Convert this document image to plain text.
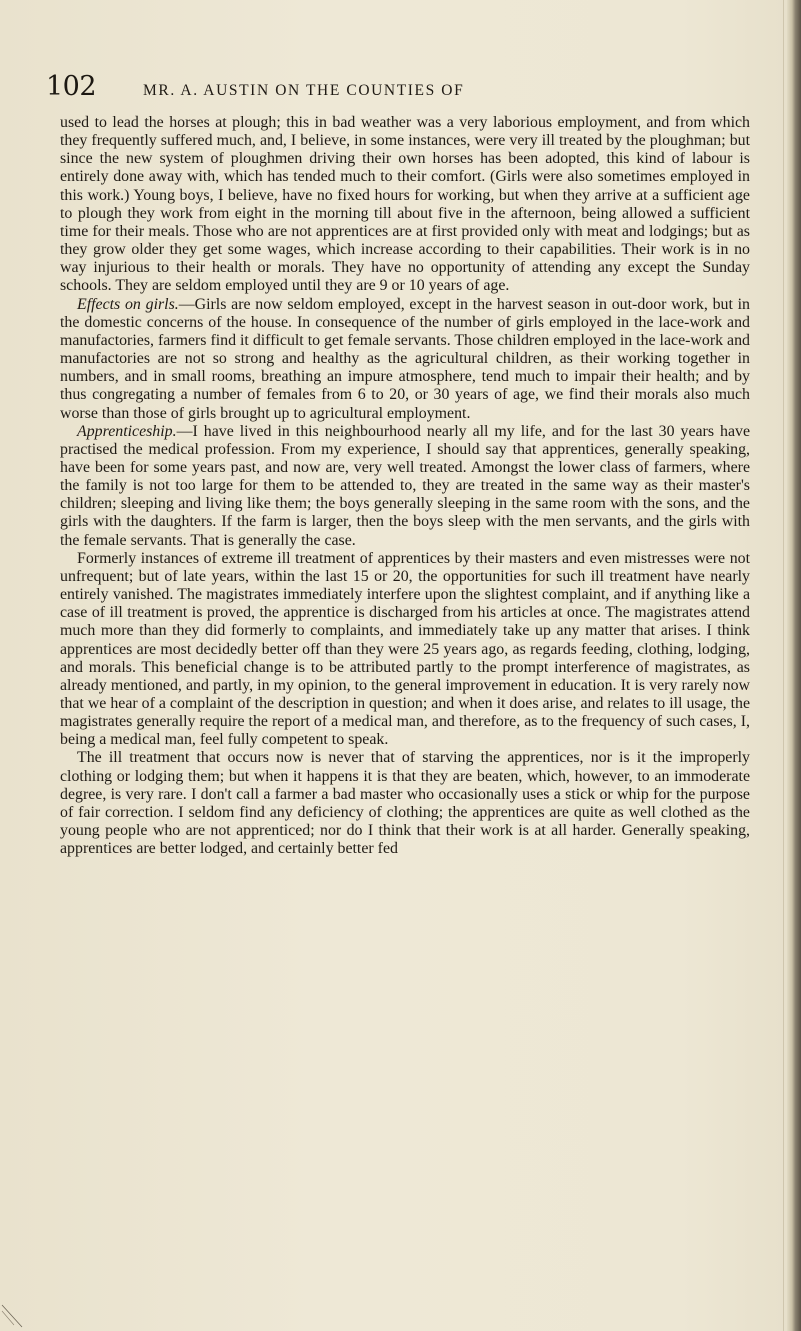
102	MR. A. AUSTIN ON THE COUNTIES OF

used to lead the horses at plough; this in bad weather was a very laborious employment, and from which they frequently suffered much, and, I believe, in some instances, were very ill treated by the ploughman; but since the new system of ploughmen driving their own horses has been adopted, this kind of labour is entirely done away with, which has tended much to their comfort. (Girls were also sometimes employed in this work.) Young boys, I believe, have no fixed hours for working, but when they arrive at a sufficient age to plough they work from eight in the morning till about five in the afternoon, being allowed a sufficient time for their meals. Those who are not apprentices are at first provided only with meat and lodgings; but as they grow older they get some wages, which increase according to their capabilities. Their work is in no way injurious to their health or morals. They have no opportunity of attending any except the Sunday schools. They are seldom employed until they are 9 or 10 years of age.

Effects on girls.—Girls are now seldom employed, except in the harvest season in out-door work, but in the domestic concerns of the house. In consequence of the number of girls employed in the lace-work and manufactories, farmers find it difficult to get female servants. Those children employed in the lace-work and manufactories are not so strong and healthy as the agricultural children, as their working together in numbers, and in small rooms, breathing an impure atmosphere, tend much to impair their health; and by thus congregating a number of females from 6 to 20, or 30 years of age, we find their morals also much worse than those of girls brought up to agricultural employment.

Apprenticeship.—I have lived in this neighbourhood nearly all my life, and for the last 30 years have practised the medical profession. From my experience, I should say that apprentices, generally speaking, have been for some years past, and now are, very well treated. Amongst the lower class of farmers, where the family is not too large for them to be attended to, they are treated in the same way as their master's children; sleeping and living like them; the boys generally sleeping in the same room with the sons, and the girls with the daughters. If the farm is larger, then the boys sleep with the men servants, and the girls with the female servants. That is generally the case.

Formerly instances of extreme ill treatment of apprentices by their masters and even mistresses were not unfrequent; but of late years, within the last 15 or 20, the opportunities for such ill treatment have nearly entirely vanished. The magistrates immediately interfere upon the slightest complaint, and if anything like a case of ill treatment is proved, the apprentice is discharged from his articles at once. The magistrates attend much more than they did formerly to complaints, and immediately take up any matter that arises. I think apprentices are most decidedly better off than they were 25 years ago, as regards feeding, clothing, lodging, and morals. This beneficial change is to be attributed partly to the prompt interference of magistrates, as already mentioned, and partly, in my opinion, to the general improvement in education. It is very rarely now that we hear of a complaint of the description in question; and when it does arise, and relates to ill usage, the magistrates generally require the report of a medical man, and therefore, as to the frequency of such cases, I, being a medical man, feel fully competent to speak.

The ill treatment that occurs now is never that of starving the apprentices, nor is it the improperly clothing or lodging them; but when it happens it is that they are beaten, which, however, to an immoderate degree, is very rare. I don't call a farmer a bad master who occasionally uses a stick or whip for the purpose of fair correction. I seldom find any deficiency of clothing; the apprentices are quite as well clothed as the young people who are not apprenticed; nor do I think that their work is at all harder. Generally speaking, apprentices are better lodged, and certainly better fed
